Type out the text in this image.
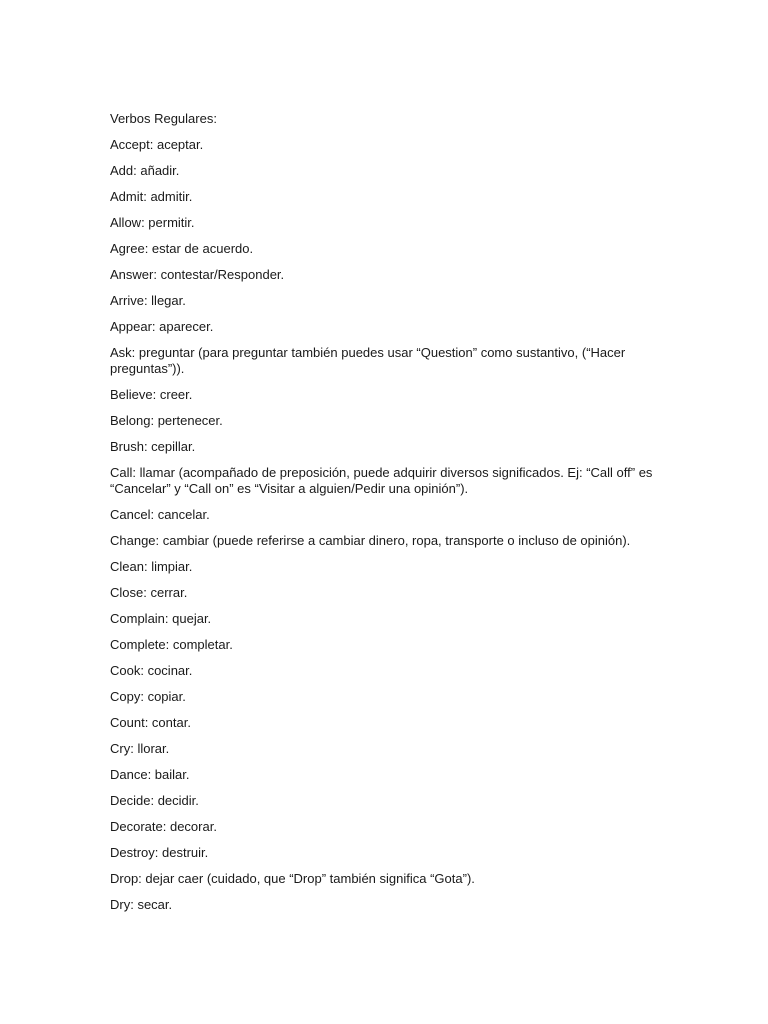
Verbos Regulares:

Accept: aceptar.

Add: añadir.

Admit: admitir.

Allow: permitir.

Agree: estar de acuerdo.

Answer: contestar/Responder.

Arrive: llegar.

Appear: aparecer.

Ask: preguntar (para preguntar también puedes usar “Question” como sustantivo, (“Hacer preguntas”)).

Believe: creer.

Belong: pertenecer.

Brush: cepillar.

Call: llamar (acompañado de preposición, puede adquirir diversos significados. Ej: “Call off” es “Cancelar” y “Call on” es “Visitar a alguien/Pedir una opinión”).

Cancel: cancelar.

Change: cambiar (puede referirse a cambiar dinero, ropa, transporte o incluso de opinión).

Clean: limpiar.

Close: cerrar.

Complain: quejar.

Complete: completar.

Cook: cocinar.

Copy: copiar.

Count: contar.

Cry: llorar.

Dance: bailar.

Decide: decidir.

Decorate: decorar.

Destroy: destruir.

Drop: dejar caer (cuidado, que “Drop” también significa “Gota”).

Dry: secar.
